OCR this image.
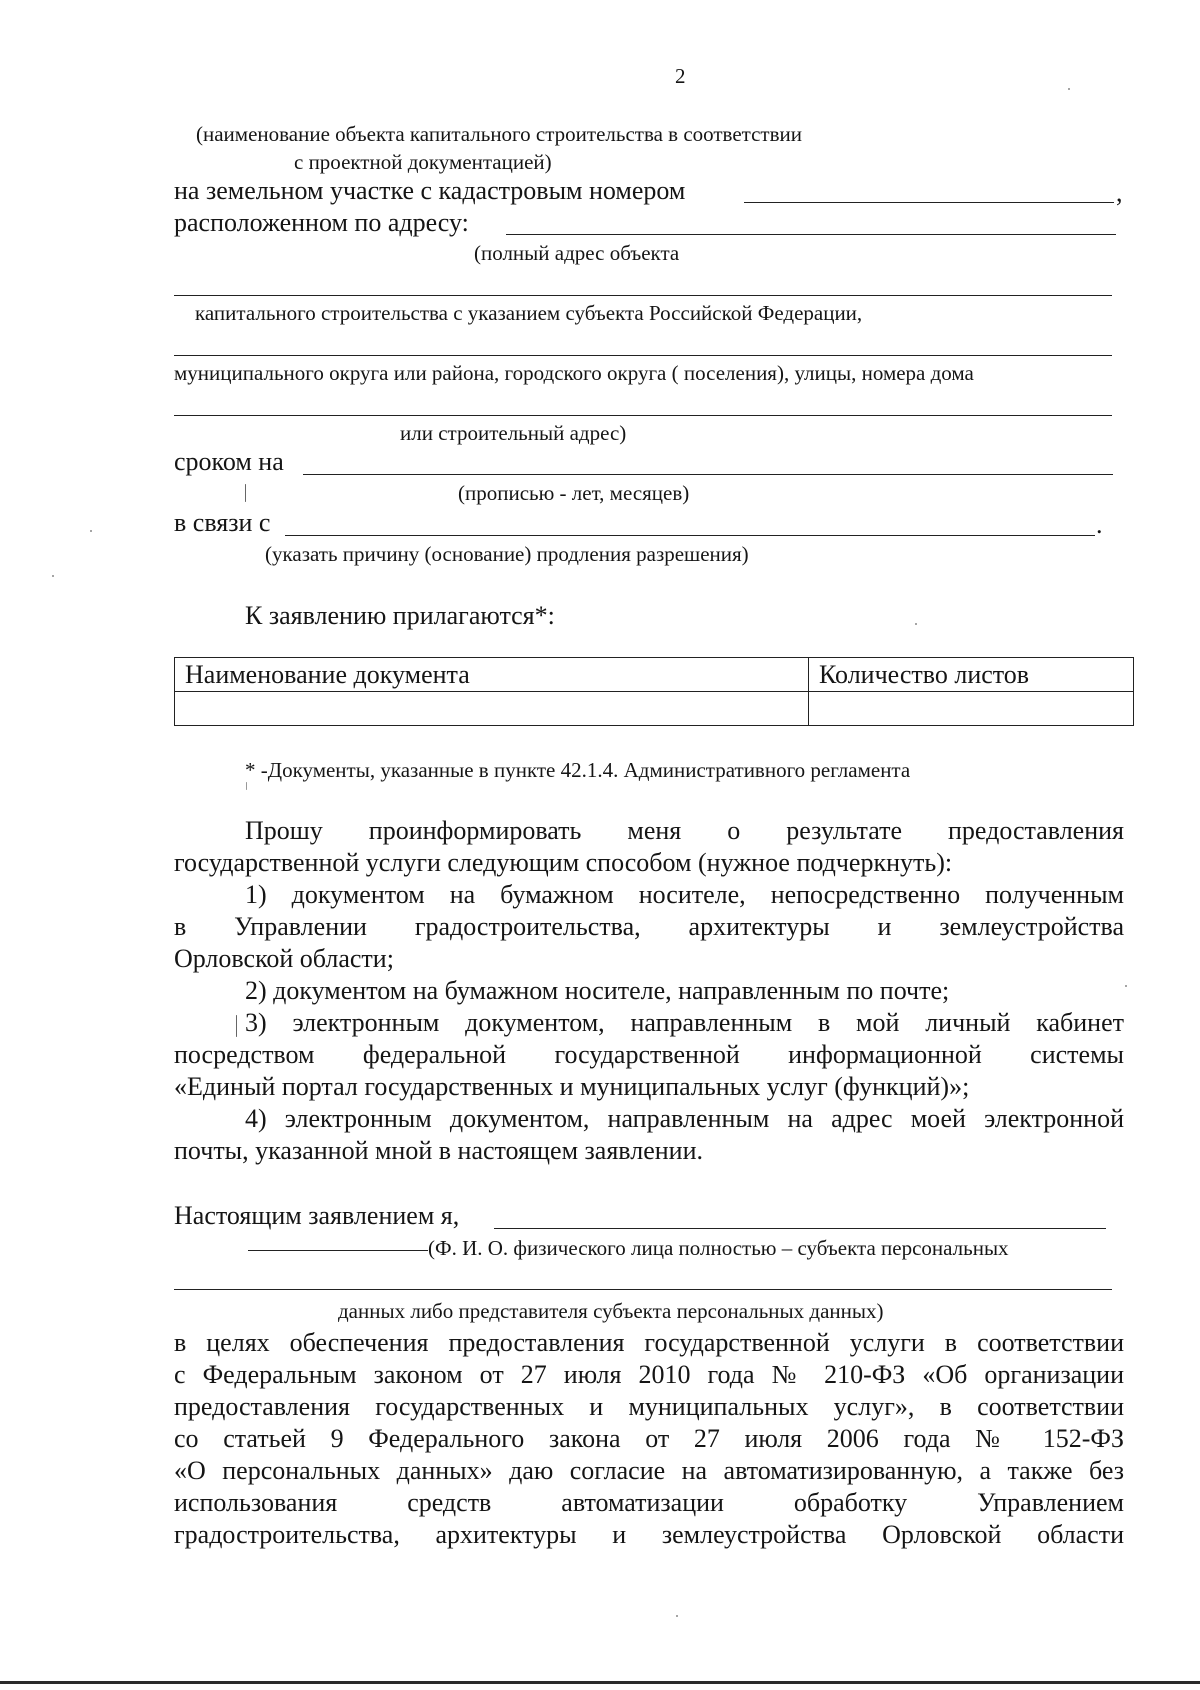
2
(наименование объекта капитального строительства в соответствии
с проектной документацией)
на земельном участке с кадастровым номером	,
расположенном по адресу:
(полный адрес объекта
капитального строительства с указанием субъекта Российской Федерации,
муниципального округа или района, городского округа ( поселения), улицы, номера дома
или строительный адрес)
сроком на
(прописью - лет, месяцев)
в связи с	.
(указать причину (основание) продления разрешения)
К заявлению прилагаются*:
Наименование документа	Количество листов

* -Документы, указанные в пункте 42.1.4. Административного регламента
Прошу проинформировать меня о результате предоставления
государственной услуги следующим способом (нужное подчеркнуть):
1) документом на бумажном носителе, непосредственно полученным
в Управлении градостроительства, архитектуры и землеустройства
Орловской области;
2) документом на бумажном носителе, направленным по почте;
3) электронным документом, направленным в мой личный кабинет
посредством федеральной государственной информационной системы
«Единый портал государственных и муниципальных услуг (функций)»;
4) электронным документом, направленным на адрес моей электронной
почты, указанной мной в настоящем заявлении.
Настоящим заявлением я,
(Ф. И. О. физического лица полностью – субъекта персональных
данных либо представителя субъекта персональных данных)
в целях обеспечения предоставления государственной услуги в соответствии
с Федеральным законом от 27 июля 2010 года № 210-ФЗ «Об организации
предоставления государственных и муниципальных услуг», в соответствии
со статьей 9 Федерального закона от 27 июля 2006 года № 152-ФЗ
«О персональных данных» даю согласие на автоматизированную, а также без
использования средств автоматизации обработку Управлением
градостроительства, архитектуры и землеустройства Орловской области
